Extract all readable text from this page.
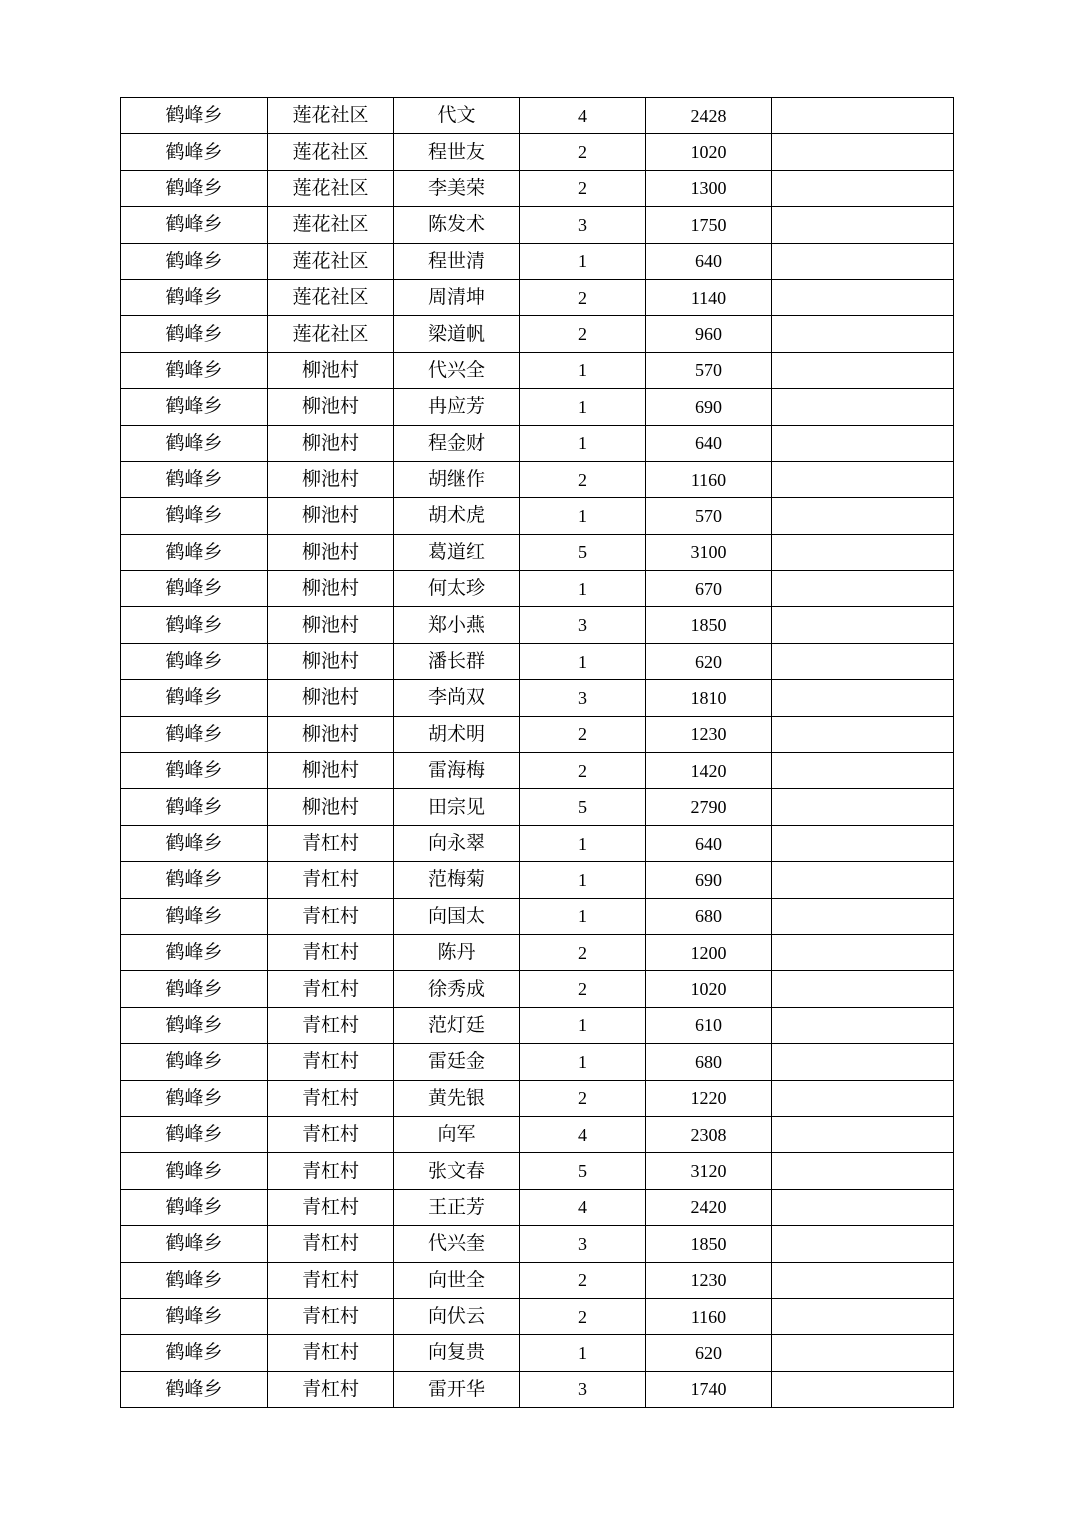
鹤峰乡	莲花社区	代文	4	2428	
鹤峰乡	莲花社区	程世友	2	1020	
鹤峰乡	莲花社区	李美荣	2	1300	
鹤峰乡	莲花社区	陈发术	3	1750	
鹤峰乡	莲花社区	程世清	1	640	
鹤峰乡	莲花社区	周清坤	2	1140	
鹤峰乡	莲花社区	梁道帆	2	960	
鹤峰乡	柳池村	代兴全	1	570	
鹤峰乡	柳池村	冉应芳	1	690	
鹤峰乡	柳池村	程金财	1	640	
鹤峰乡	柳池村	胡继作	2	1160	
鹤峰乡	柳池村	胡术虎	1	570	
鹤峰乡	柳池村	葛道红	5	3100	
鹤峰乡	柳池村	何太珍	1	670	
鹤峰乡	柳池村	郑小燕	3	1850	
鹤峰乡	柳池村	潘长群	1	620	
鹤峰乡	柳池村	李尚双	3	1810	
鹤峰乡	柳池村	胡术明	2	1230	
鹤峰乡	柳池村	雷海梅	2	1420	
鹤峰乡	柳池村	田宗见	5	2790	
鹤峰乡	青杠村	向永翠	1	640	
鹤峰乡	青杠村	范梅菊	1	690	
鹤峰乡	青杠村	向国太	1	680	
鹤峰乡	青杠村	陈丹	2	1200	
鹤峰乡	青杠村	徐秀成	2	1020	
鹤峰乡	青杠村	范灯廷	1	610	
鹤峰乡	青杠村	雷廷金	1	680	
鹤峰乡	青杠村	黄先银	2	1220	
鹤峰乡	青杠村	向军	4	2308	
鹤峰乡	青杠村	张文春	5	3120	
鹤峰乡	青杠村	王正芳	4	2420	
鹤峰乡	青杠村	代兴奎	3	1850	
鹤峰乡	青杠村	向世全	2	1230	
鹤峰乡	青杠村	向伏云	2	1160	
鹤峰乡	青杠村	向复贵	1	620	
鹤峰乡	青杠村	雷开华	3	1740	
